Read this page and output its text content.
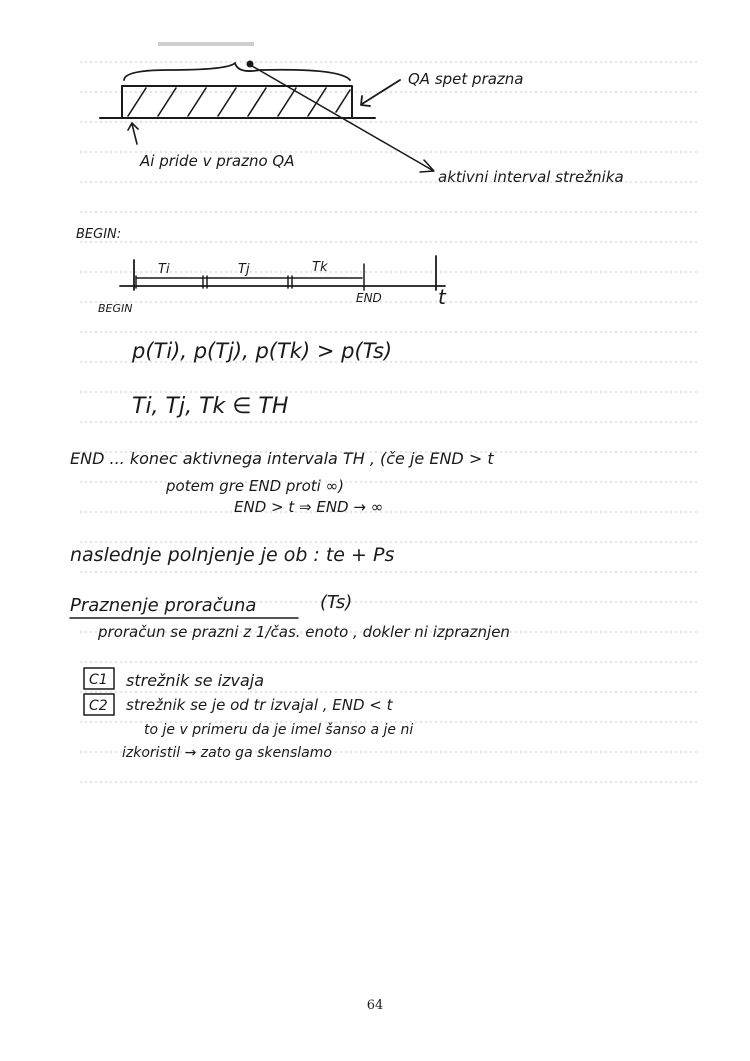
QA spet prazna
Ai pride v prazno QA
aktivni interval strežnika
BEGIN:
Ti	Tj	Tk
BEGIN
END	t
p(Ti), p(Tj), p(Tk) > p(Ts)
Ti, Tj, Tk ∈ TH
END ... konec aktivnega intervala TH , (če je END > t
potem gre END proti ∞)
END > t ⇒ END → ∞
naslednje polnjenje je ob : te + Ps
Praznenje proračuna	(Ts)
proračun se prazni z 1/čas. enoto , dokler ni izpraznjen
C1 strežnik se izvaja
C2 strežnik se je od tr izvajal , END < t
to je v primeru da je imel šanso a je ni
izkoristil → zato ga skenslamo
64
